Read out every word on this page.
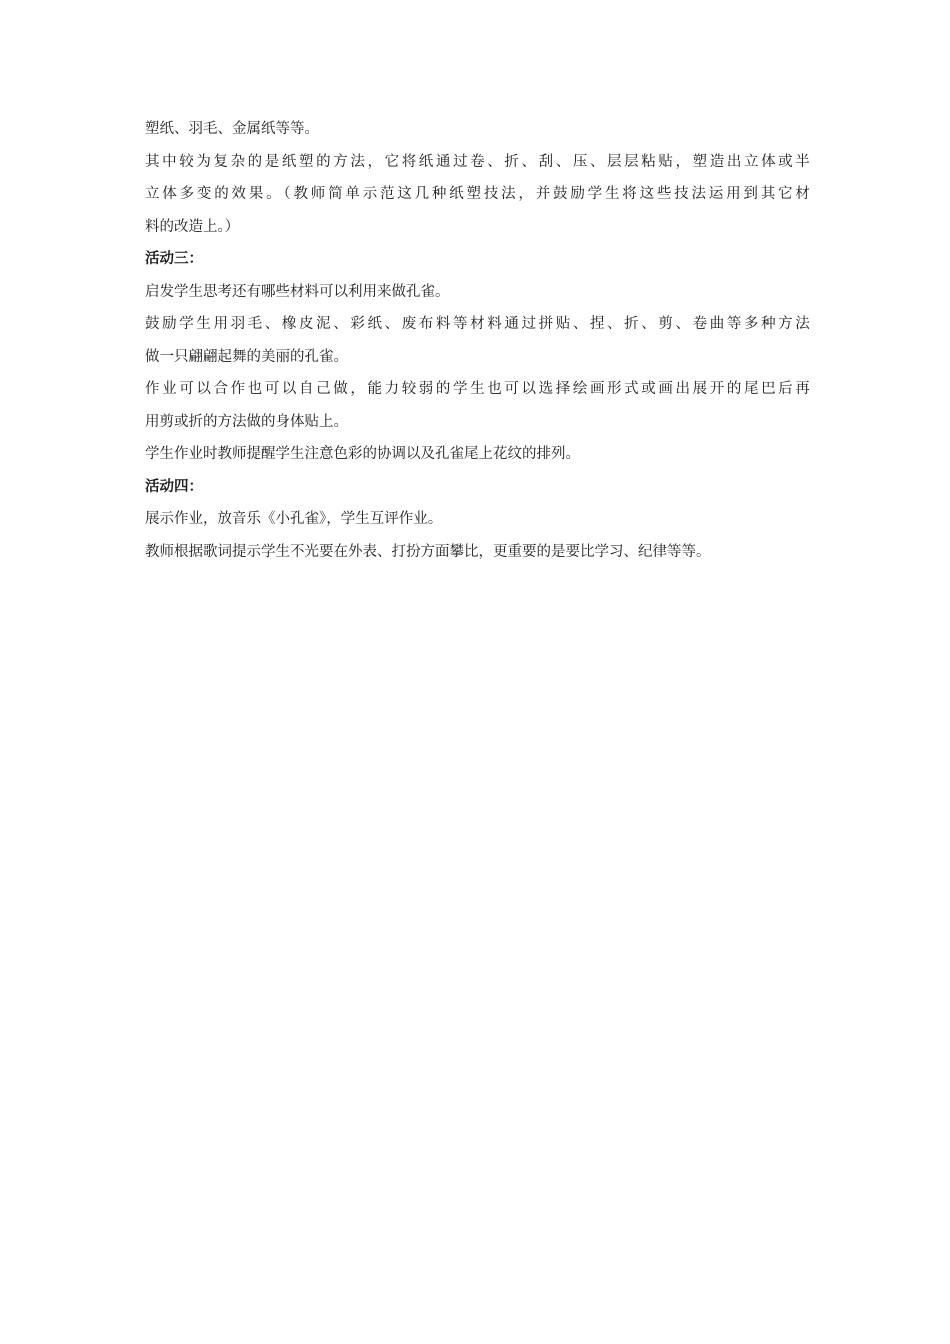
塑纸、羽毛、金属纸等等。
其中较为复杂的是纸塑的方法，它将纸通过卷、折、刮、压、层层粘贴，塑造出立体或半
立体多变的效果。（教师简单示范这几种纸塑技法，并鼓励学生将这些技法运用到其它材
料的改造上。）
活动三：
启发学生思考还有哪些材料可以利用来做孔雀。
鼓励学生用羽毛、橡皮泥、彩纸、废布料等材料通过拼贴、捏、折、剪、卷曲等多种方法
做一只翩翩起舞的美丽的孔雀。
作业可以合作也可以自己做，能力较弱的学生也可以选择绘画形式或画出展开的尾巴后再
用剪或折的方法做的身体贴上。
学生作业时教师提醒学生注意色彩的协调以及孔雀尾上花纹的排列。
活动四：
展示作业，放音乐《小孔雀》，学生互评作业。
教师根据歌词提示学生不光要在外表、打扮方面攀比，更重要的是要比学习、纪律等等。
